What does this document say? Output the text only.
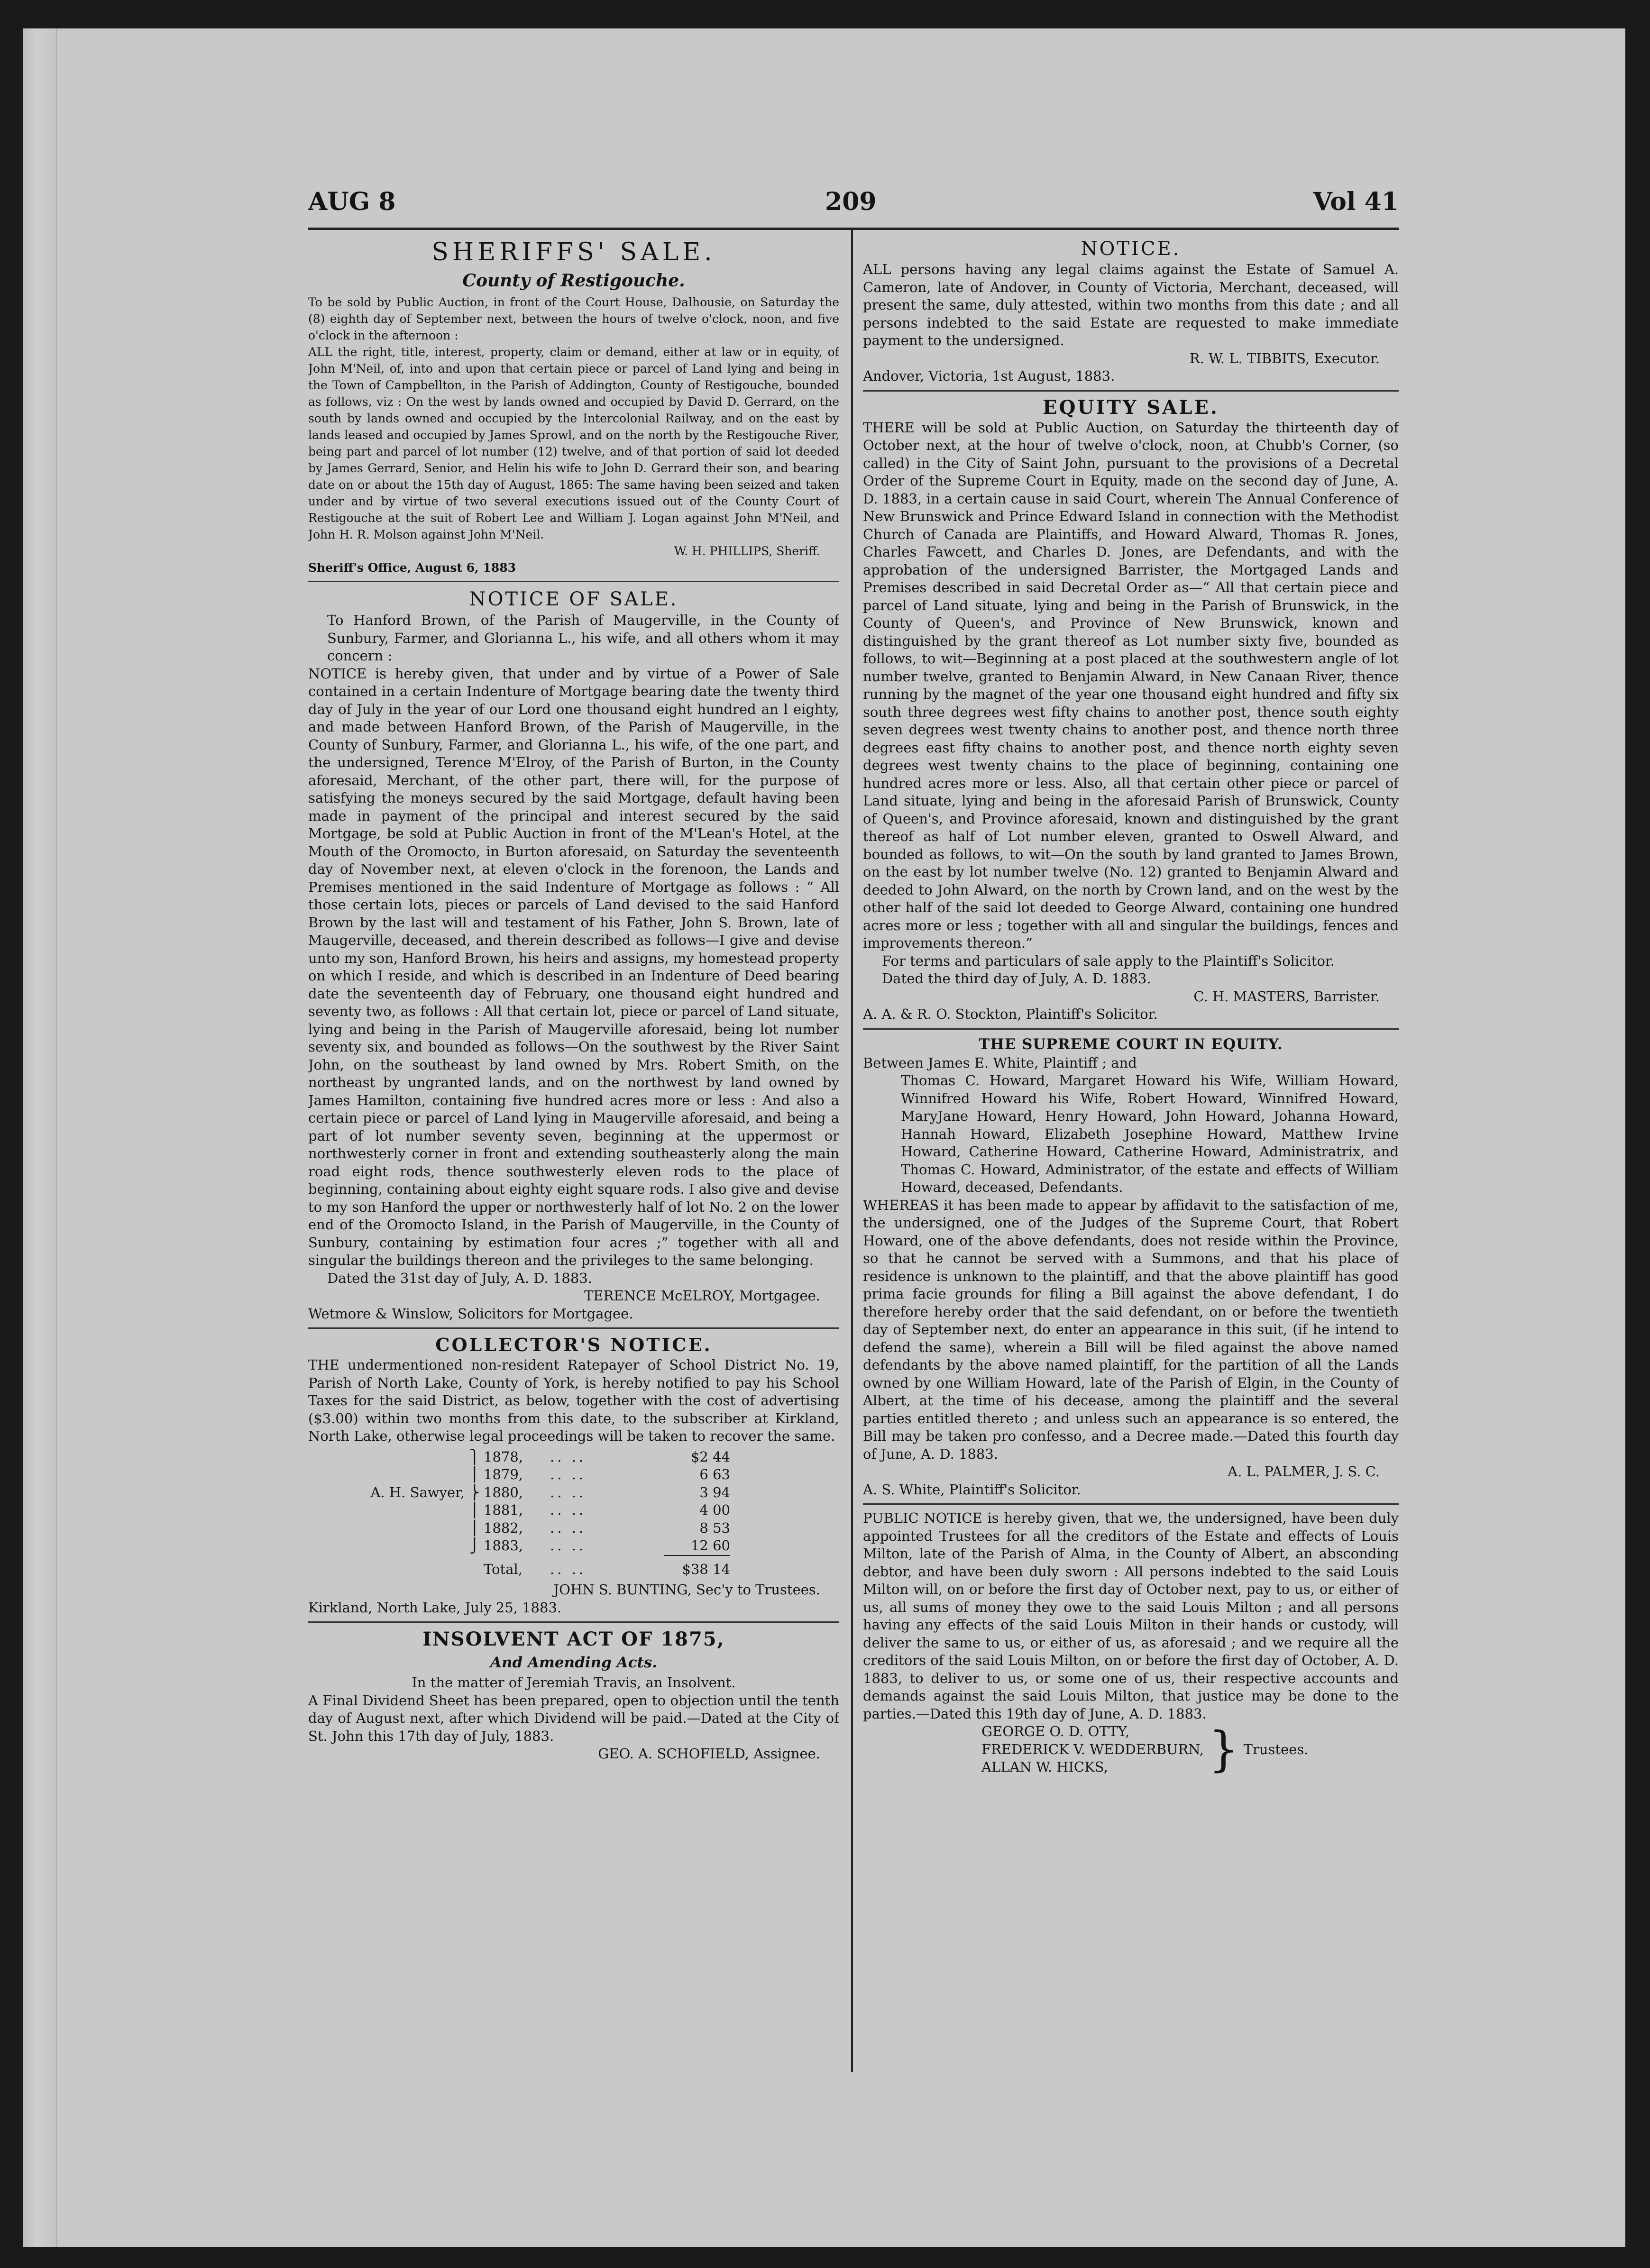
AUG 8	209	Vol 41
SHERIFFS' SALE.
County of Restigouche.

To be sold by Public Auction, in front of the Court House, Dalhousie, on Saturday the (8) eighth day of September next, between the hours of twelve o'clock, noon, and five o'clock in the afternoon :

ALL the right, title, interest, property, claim or demand, either at law or in equity, of John M'Neil, of, into and upon that certain piece or parcel of Land lying and being in the Town of Campbellton, in the Parish of Addington, County of Restigouche, bounded as follows, viz : On the west by lands owned and occupied by David D. Gerrard, on the south by lands owned and occupied by the Intercolonial Railway, and on the east by lands leased and occupied by James Sprowl, and on the north by the Restigouche River, being part and parcel of lot number (12) twelve, and of that portion of said lot deeded by James Gerrard, Senior, and Helin his wife to John D. Gerrard their son, and bearing date on or about the 15th day of August, 1865: The same having been seized and taken under and by virtue of two several executions issued out of the County Court of Restigouche at the suit of Robert Lee and William J. Logan against John M'Neil, and John H. R. Molson against John M'Neil.

W. H. PHILLIPS, Sheriff.

Sheriff's Office, August 6, 1883

NOTICE OF SALE.

To Hanford Brown, of the Parish of Maugerville, in the County of Sunbury, Farmer, and Glorianna L., his wife, and all others whom it may concern :

NOTICE is hereby given, that under and by virtue of a Power of Sale contained in a certain Indenture of Mortgage bearing date the twenty third day of July in the year of our Lord one thousand eight hundred an l eighty, and made between Hanford Brown, of the Parish of Maugerville, in the County of Sunbury, Farmer, and Glorianna L., his wife, of the one part, and the undersigned, Terence M'Elroy, of the Parish of Burton, in the County aforesaid, Merchant, of the other part, there will, for the purpose of satisfying the moneys secured by the said Mortgage, default having been made in payment of the principal and interest secured by the said Mortgage, be sold at Public Auction in front of the M'Lean's Hotel, at the Mouth of the Oromocto, in Burton aforesaid, on Saturday the seventeenth day of November next, at eleven o'clock in the forenoon, the Lands and Premises mentioned in the said Indenture of Mortgage as follows : “ All those certain lots, pieces or parcels of Land devised to the said Hanford Brown by the last will and testament of his Father, John S. Brown, late of Maugerville, deceased, and therein described as follows—I give and devise unto my son, Hanford Brown, his heirs and assigns, my homestead property on which I reside, and which is described in an Indenture of Deed bearing date the seventeenth day of February, one thousand eight hundred and seventy two, as follows : All that certain lot, piece or parcel of Land situate, lying and being in the Parish of Maugerville aforesaid, being lot number seventy six, and bounded as follows—On the southwest by the River Saint John, on the southeast by land owned by Mrs. Robert Smith, on the northeast by ungranted lands, and on the northwest by land owned by James Hamilton, containing five hundred acres more or less : And also a certain piece or parcel of Land lying in Maugerville aforesaid, and being a part of lot number seventy seven, beginning at the uppermost or northwesterly corner in front and extending southeasterly along the main road eight rods, thence southwesterly eleven rods to the place of beginning, containing about eighty eight square rods. I also give and devise to my son Hanford the upper or northwesterly half of lot No. 2 on the lower end of the Oromocto Island, in the Parish of Maugerville, in the County of Sunbury, containing by estimation four acres ;” together with all and singular the buildings thereon and the privileges to the same belonging.

Dated the 31st day of July, A. D. 1883.

TERENCE McELROY, Mortgagee.

Wetmore & Winslow, Solicitors for Mortgagee.

COLLECTOR'S NOTICE.

THE undermentioned non-resident Ratepayer of School District No. 19, Parish of North Lake, County of York, is hereby notified to pay his School Taxes for the said District, as below, together with the cost of advertising ($3.00) within two months from this date, to the subscriber at Kirkland, North Lake, otherwise legal proceedings will be taken to recover the same.

⎫ 1878,	.. ..	$2 44
⎪ 1879,	.. ..	6 63
A. H. Sawyer, ⎬ 1880,	.. ..	3 94
⎪ 1881,	.. ..	4 00
⎪ 1882,	.. ..	8 53
⎭ 1883,	.. ..	12 60
Total,	.. ..	$38 14

JOHN S. BUNTING, Sec'y to Trustees.

Kirkland, North Lake, July 25, 1883.

INSOLVENT ACT OF 1875,
And Amending Acts.

In the matter of Jeremiah Travis, an Insolvent.

A Final Dividend Sheet has been prepared, open to objection until the tenth day of August next, after which Dividend will be paid.—Dated at the City of St. John this 17th day of July, 1883.

GEO. A. SCHOFIELD, Assignee.

NOTICE.

ALL persons having any legal claims against the Estate of Samuel A. Cameron, late of Andover, in County of Victoria, Merchant, deceased, will present the same, duly attested, within two months from this date ; and all persons indebted to the said Estate are requested to make immediate payment to the undersigned.

R. W. L. TIBBITS, Executor.

Andover, Victoria, 1st August, 1883.

EQUITY SALE.

THERE will be sold at Public Auction, on Saturday the thirteenth day of October next, at the hour of twelve o'clock, noon, at Chubb's Corner, (so called) in the City of Saint John, pursuant to the provisions of a Decretal Order of the Supreme Court in Equity, made on the second day of June, A. D. 1883, in a certain cause in said Court, wherein The Annual Conference of New Brunswick and Prince Edward Island in connection with the Methodist Church of Canada are Plaintiffs, and Howard Alward, Thomas R. Jones, Charles Fawcett, and Charles D. Jones, are Defendants, and with the approbation of the undersigned Barrister, the Mortgaged Lands and Premises described in said Decretal Order as—“ All that certain piece and parcel of Land situate, lying and being in the Parish of Brunswick, in the County of Queen's, and Province of New Brunswick, known and distinguished by the grant thereof as Lot number sixty five, bounded as follows, to wit—Beginning at a post placed at the southwestern angle of lot number twelve, granted to Benjamin Alward, in New Canaan River, thence running by the magnet of the year one thousand eight hundred and fifty six south three degrees west fifty chains to another post, thence south eighty seven degrees west twenty chains to another post, and thence north three degrees east fifty chains to another post, and thence north eighty seven degrees west twenty chains to the place of beginning, containing one hundred acres more or less. Also, all that certain other piece or parcel of Land situate, lying and being in the aforesaid Parish of Brunswick, County of Queen's, and Province aforesaid, known and distinguished by the grant thereof as half of Lot number eleven, granted to Oswell Alward, and bounded as follows, to wit—On the south by land granted to James Brown, on the east by lot number twelve (No. 12) granted to Benjamin Alward and deeded to John Alward, on the north by Crown land, and on the west by the other half of the said lot deeded to George Alward, containing one hundred acres more or less ; together with all and singular the buildings, fences and improvements thereon.”

For terms and particulars of sale apply to the Plaintiff's Solicitor.

Dated the third day of July, A. D. 1883.

C. H. MASTERS, Barrister.

A. A. & R. O. Stockton, Plaintiff's Solicitor.

THE SUPREME COURT IN EQUITY.

Between James E. White, Plaintiff ; and

Thomas C. Howard, Margaret Howard his Wife, William Howard, Winnifred Howard his Wife, Robert Howard, Winnifred Howard, MaryJane Howard, Henry Howard, John Howard, Johanna Howard, Hannah Howard, Elizabeth Josephine Howard, Matthew Irvine Howard, Catherine Howard, Catherine Howard, Administratrix, and Thomas C. Howard, Administrator, of the estate and effects of William Howard, deceased, Defendants.

WHEREAS it has been made to appear by affidavit to the satisfaction of me, the undersigned, one of the Judges of the Supreme Court, that Robert Howard, one of the above defendants, does not reside within the Province, so that he cannot be served with a Summons, and that his place of residence is unknown to the plaintiff, and that the above plaintiff has good prima facie grounds for filing a Bill against the above defendant, I do therefore hereby order that the said defendant, on or before the twentieth day of September next, do enter an appearance in this suit, (if he intend to defend the same), wherein a Bill will be filed against the above named defendants by the above named plaintiff, for the partition of all the Lands owned by one William Howard, late of the Parish of Elgin, in the County of Albert, at the time of his decease, among the plaintiff and the several parties entitled thereto ; and unless such an appearance is so entered, the Bill may be taken pro confesso, and a Decree made.—Dated this fourth day of June, A. D. 1883.

A. L. PALMER, J. S. C.

A. S. White, Plaintiff's Solicitor.

PUBLIC NOTICE is hereby given, that we, the undersigned, have been duly appointed Trustees for all the creditors of the Estate and effects of Louis Milton, late of the Parish of Alma, in the County of Albert, an absconding debtor, and have been duly sworn : All persons indebted to the said Louis Milton will, on or before the first day of October next, pay to us, or either of us, all sums of money they owe to the said Louis Milton ; and all persons having any effects of the said Louis Milton in their hands or custody, will deliver the same to us, or either of us, as aforesaid ; and we require all the creditors of the said Louis Milton, on or before the first day of October, A. D. 1883, to deliver to us, or some one of us, their respective accounts and demands against the said Louis Milton, that justice may be done to the parties.—Dated this 19th day of June, A. D. 1883.

GEORGE O. D. OTTY,
FREDERICK V. WEDDERBURN,
ALLAN W. HICKS,	} Trustees.
